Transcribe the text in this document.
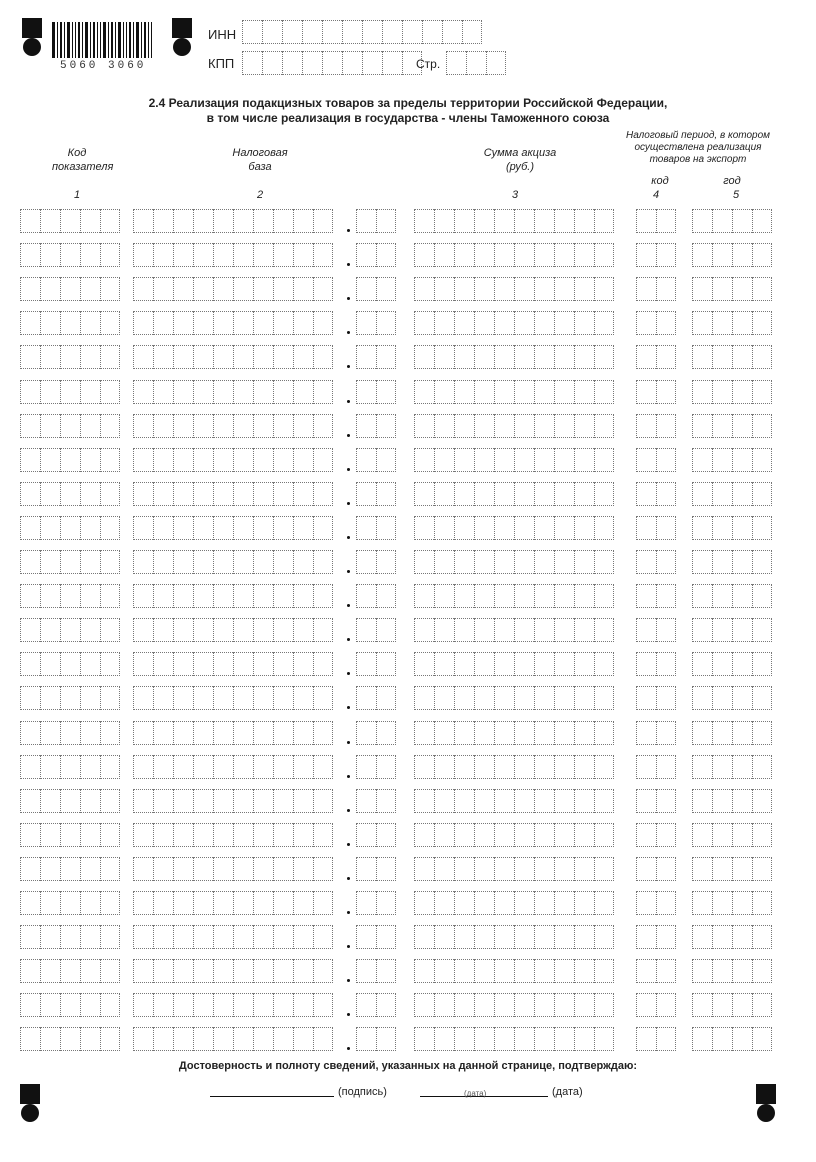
5060 3060
ИНН
КПП	Стр.
2.4 Реализация подакцизных товаров за пределы территории Российской Федерации,
в том числе реализация в государства - члены Таможенного союза
Код показателя
Налоговая база
Сумма акциза (руб.)
Налоговый период, в котором осуществлена реализация товаров на экспорт
код	год
1	2	3	4	5
Достоверность и полноту сведений, указанных на данной странице, подтверждаю:
(подпись)	(дата)	(дата)
